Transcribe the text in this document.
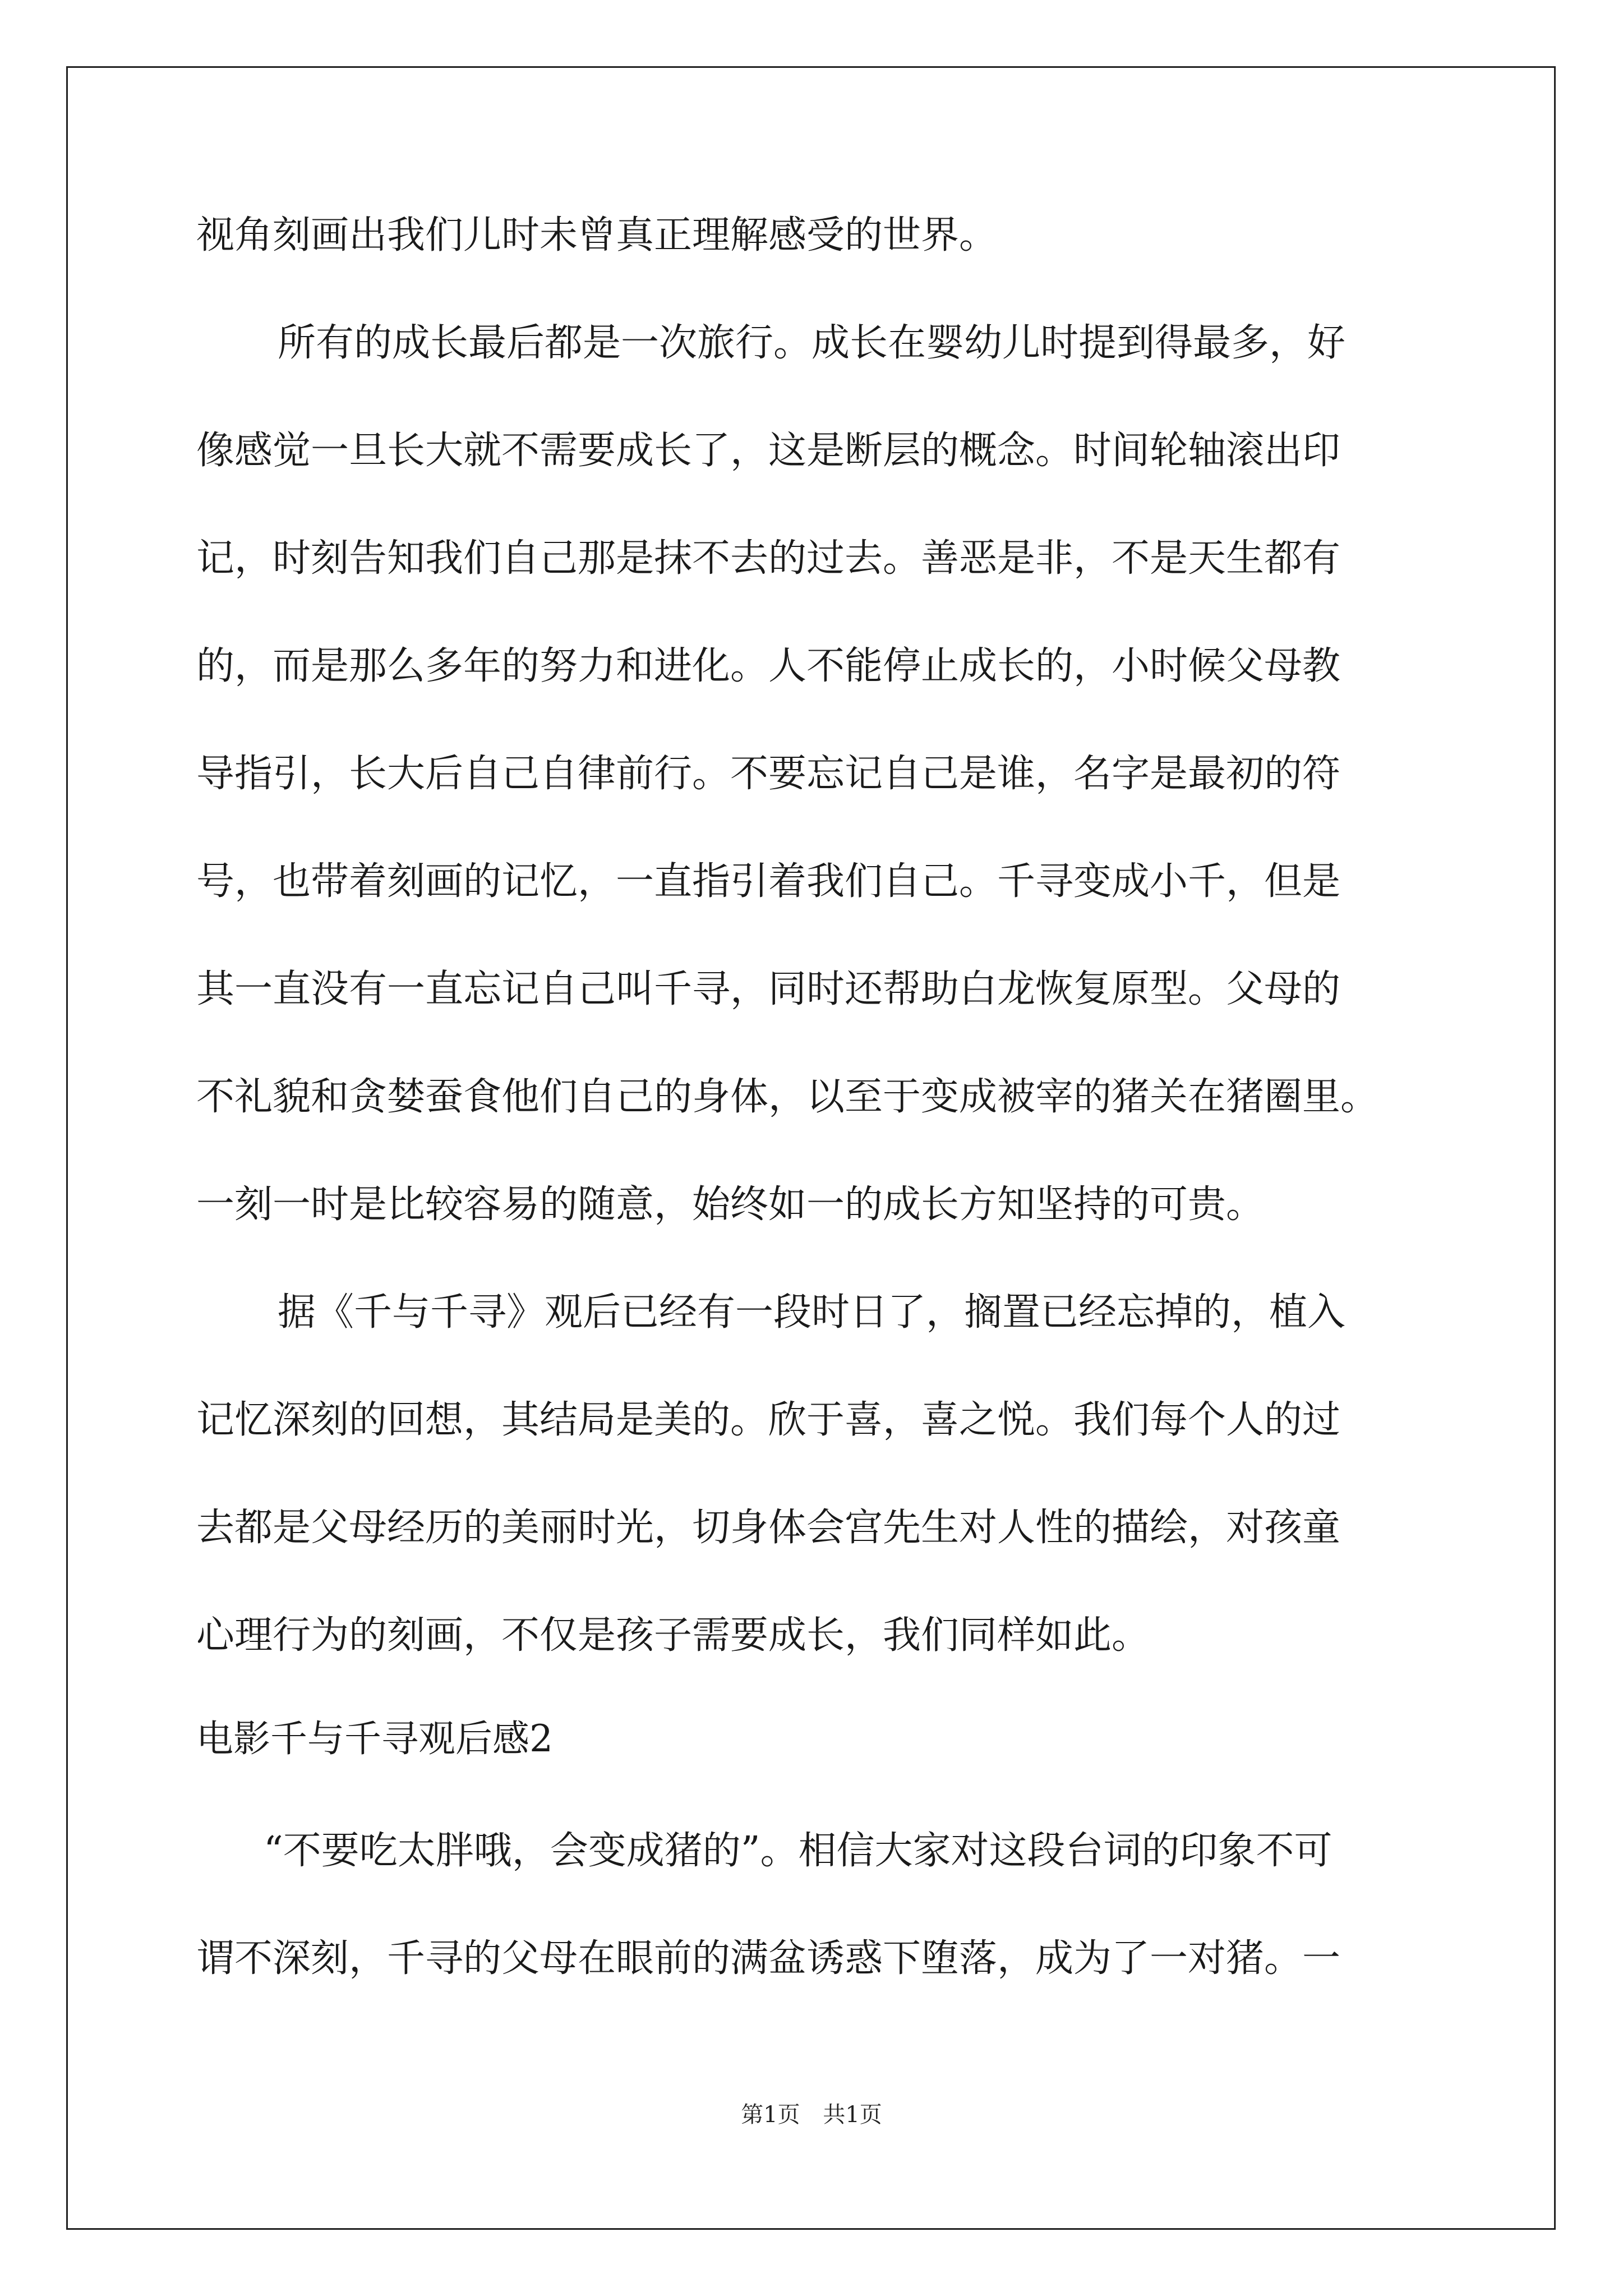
视角刻画出我们儿时未曾真正理解感受的世界。
所有的成长最后都是一次旅行。成长在婴幼儿时提到得最多，好
像感觉一旦长大就不需要成长了，这是断层的概念。时间轮轴滚出印
记，时刻告知我们自己那是抹不去的过去。善恶是非，不是天生都有
的，而是那么多年的努力和进化。人不能停止成长的，小时候父母教
导指引，长大后自己自律前行。不要忘记自己是谁，名字是最初的符
号，也带着刻画的记忆，一直指引着我们自己。千寻变成小千，但是
其一直没有一直忘记自己叫千寻，同时还帮助白龙恢复原型。父母的
不礼貌和贪婪蚕食他们自己的身体，以至于变成被宰的猪关在猪圈里。
一刻一时是比较容易的随意，始终如一的成长方知坚持的可贵。
据《千与千寻》观后已经有一段时日了，搁置已经忘掉的，植入
记忆深刻的回想，其结局是美的。欣于喜，喜之悦。我们每个人的过
去都是父母经历的美丽时光，切身体会宫先生对人性的描绘，对孩童
心理行为的刻画，不仅是孩子需要成长，我们同样如此。
电影千与千寻观后感2
“不要吃太胖哦，会变成猪的”。相信大家对这段台词的印象不可
谓不深刻，千寻的父母在眼前的满盆诱惑下堕落，成为了一对猪。一
第1页 共1页
